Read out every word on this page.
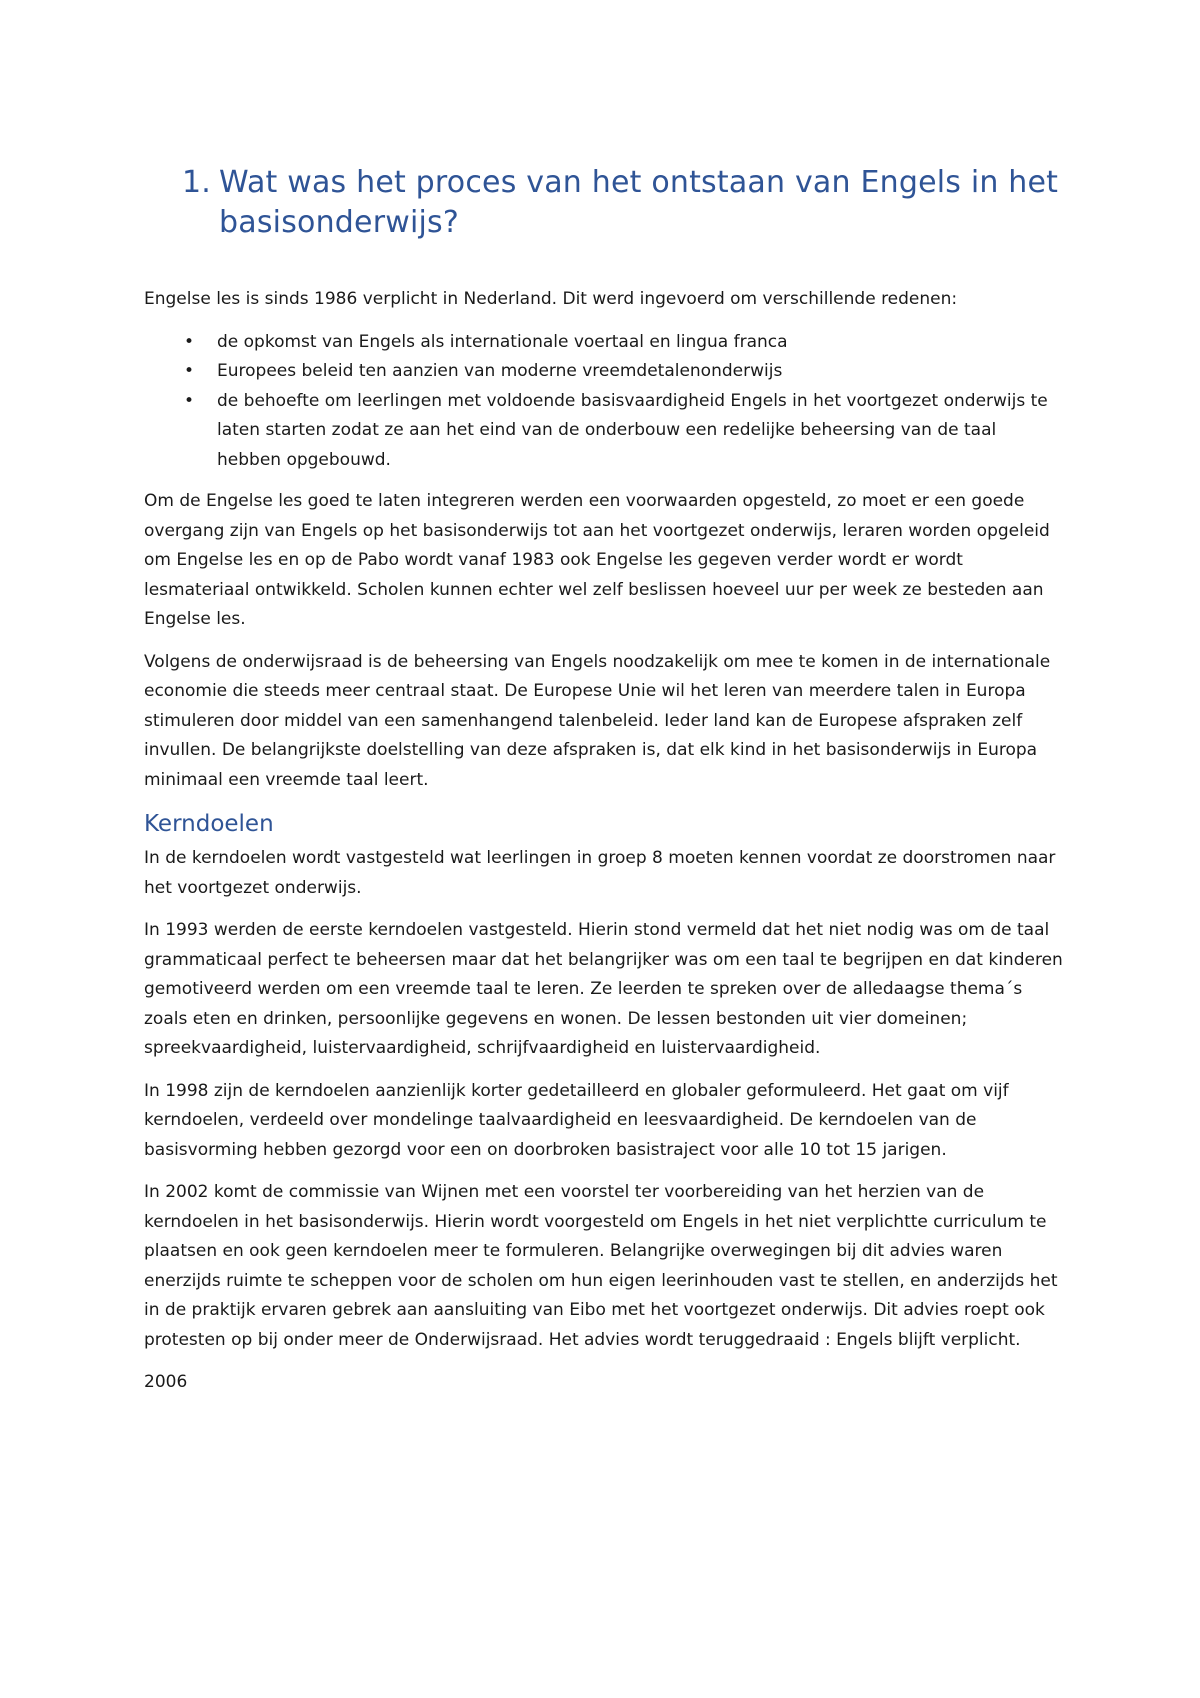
1. Wat was het proces van het ontstaan van Engels in het basisonderwijs?

Engelse les is sinds 1986 verplicht in Nederland. Dit werd ingevoerd om verschillende redenen:

• de opkomst van Engels als internationale voertaal en lingua franca
• Europees beleid ten aanzien van moderne vreemdetalenonderwijs
• de behoefte om leerlingen met voldoende basisvaardigheid Engels in het voortgezet onderwijs te laten starten zodat ze aan het eind van de onderbouw een redelijke beheersing van de taal hebben opgebouwd.

Om de Engelse les goed te laten integreren werden een voorwaarden opgesteld, zo moet er een goede overgang zijn van Engels op het basisonderwijs tot aan het voortgezet onderwijs, leraren worden opgeleid om Engelse les en op de Pabo wordt vanaf 1983 ook Engelse les gegeven verder wordt er wordt lesmateriaal ontwikkeld. Scholen kunnen echter wel zelf beslissen hoeveel uur per week ze besteden aan Engelse les.

Volgens de onderwijsraad is de beheersing van Engels noodzakelijk om mee te komen in de internationale economie die steeds meer centraal staat. De Europese Unie wil het leren van meerdere talen in Europa stimuleren door middel van een samenhangend talenbeleid. Ieder land kan de Europese afspraken zelf invullen. De belangrijkste doelstelling van deze afspraken is, dat elk kind in het basisonderwijs in Europa minimaal een vreemde taal leert.

Kerndoelen

In de kerndoelen wordt vastgesteld wat leerlingen in groep 8 moeten kennen voordat ze doorstromen naar het voortgezet onderwijs.

In 1993 werden de eerste kerndoelen vastgesteld. Hierin stond vermeld dat het niet nodig was om de taal grammaticaal perfect te beheersen maar dat het belangrijker was om een taal te begrijpen en dat kinderen gemotiveerd werden om een vreemde taal te leren. Ze leerden te spreken over de alledaagse thema´s zoals eten en drinken, persoonlijke gegevens en wonen. De lessen bestonden uit vier domeinen; spreekvaardigheid, luistervaardigheid, schrijfvaardigheid en luistervaardigheid.

In 1998 zijn de kerndoelen aanzienlijk korter gedetailleerd en globaler geformuleerd. Het gaat om vijf kerndoelen, verdeeld over mondelinge taalvaardigheid en leesvaardigheid. De kerndoelen van de basisvorming hebben gezorgd voor een on doorbroken basistraject voor alle 10 tot 15 jarigen.

In 2002 komt de commissie van Wijnen met een voorstel ter voorbereiding van het herzien van de kerndoelen in het basisonderwijs. Hierin wordt voorgesteld om Engels in het niet verplichtte curriculum te plaatsen en ook geen kerndoelen meer te formuleren. Belangrijke overwegingen bij dit advies waren enerzijds ruimte te scheppen voor de scholen om hun eigen leerinhouden vast te stellen, en anderzijds het in de praktijk ervaren gebrek aan aansluiting van Eibo met het voortgezet onderwijs. Dit advies roept ook protesten op bij onder meer de Onderwijsraad. Het advies wordt teruggedraaid : Engels blijft verplicht.

2006
